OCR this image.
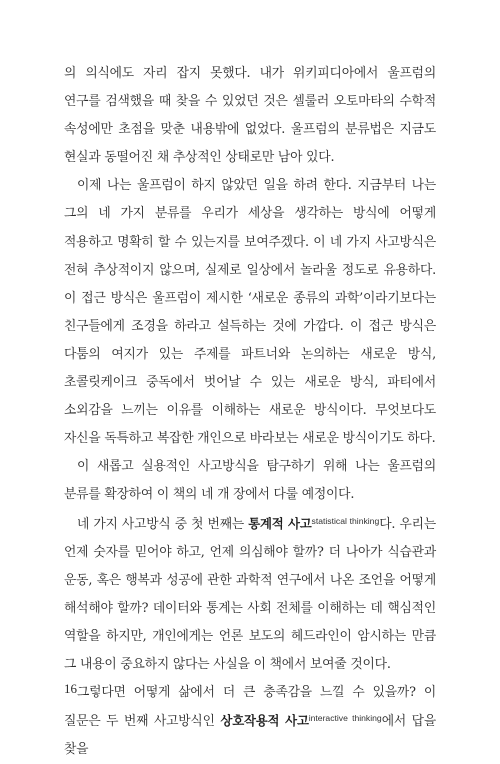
의 의식에도 자리 잡지 못했다. 내가 위키피디아에서 울프럼의 연구를 검색했을 때 찾을 수 있었던 것은 셀룰러 오토마타의 수학적 속성에만 초점을 맞춘 내용밖에 없었다. 울프럼의 분류법은 지금도 현실과 동떨어진 채 추상적인 상태로만 남아 있다.

이제 나는 울프럼이 하지 않았던 일을 하려 한다. 지금부터 나는 그의 네 가지 분류를 우리가 세상을 생각하는 방식에 어떻게 적용하고 명확히 할 수 있는지를 보여주겠다. 이 네 가지 사고방식은 전혀 추상적이지 않으며, 실제로 일상에서 놀라울 정도로 유용하다. 이 접근 방식은 울프럼이 제시한 ‘새로운 종류의 과학’이라기보다는 친구들에게 조경을 하라고 설득하는 것에 가깝다. 이 접근 방식은 다툼의 여지가 있는 주제를 파트너와 논의하는 새로운 방식, 초콜릿케이크 중독에서 벗어날 수 있는 새로운 방식, 파티에서 소외감을 느끼는 이유를 이해하는 새로운 방식이다. 무엇보다도 자신을 독특하고 복잡한 개인으로 바라보는 새로운 방식이기도 하다.

이 새롭고 실용적인 사고방식을 탐구하기 위해 나는 울프럼의 분류를 확장하여 이 책의 네 개 장에서 다룰 예정이다.

네 가지 사고방식 중 첫 번째는 통계적 사고$^{statistical thinking}$다. 우리는 언제 숫자를 믿어야 하고, 언제 의심해야 할까? 더 나아가 식습관과 운동, 혹은 행복과 성공에 관한 과학적 연구에서 나온 조언을 어떻게 해석해야 할까? 데이터와 통계는 사회 전체를 이해하는 데 핵심적인 역할을 하지만, 개인에게는 언론 보도의 헤드라인이 암시하는 만큼 그 내용이 중요하지 않다는 사실을 이 책에서 보여줄 것이다.

그렇다면 어떻게 삶에서 더 큰 충족감을 느낄 수 있을까? 이 질문은 두 번째 사고방식인 상호작용적 사고$^{interactive thinking}$에서 답을 찾을

16
